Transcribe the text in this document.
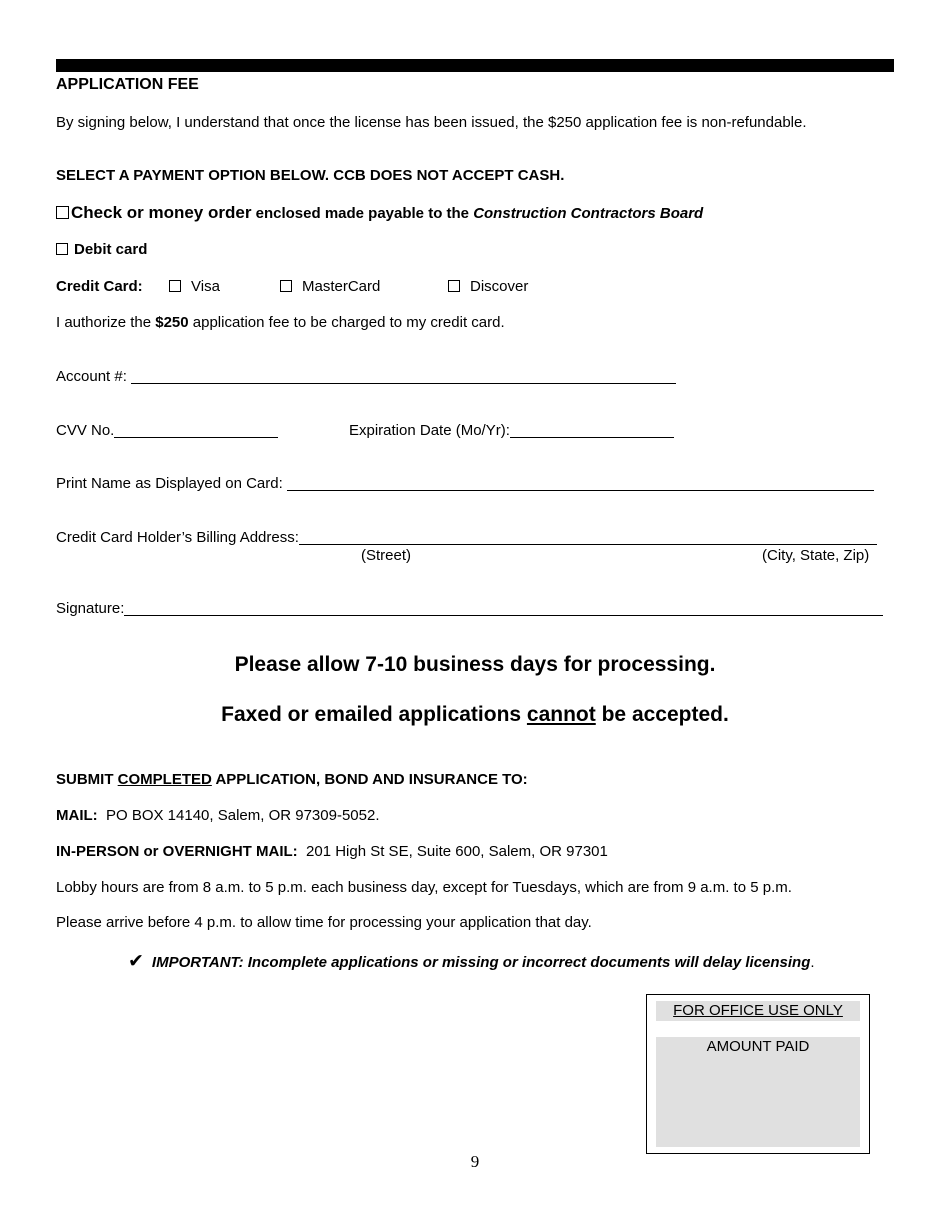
APPLICATION FEE
By signing below, I understand that once the license has been issued, the $250 application fee is non-refundable.
SELECT A PAYMENT OPTION BELOW. CCB DOES NOT ACCEPT CASH.
Check or money order enclosed made payable to the Construction Contractors Board
Debit card
Credit Card:	Visa	MasterCard	Discover
I authorize the $250 application fee to be charged to my credit card.
Account #:
CVV No.	Expiration Date (Mo/Yr):
Print Name as Displayed on Card:
Credit Card Holder’s Billing Address:
(Street)	(City, State, Zip)
Signature:
Please allow 7-10 business days for processing.
Faxed or emailed applications cannot be accepted.
SUBMIT COMPLETED APPLICATION, BOND AND INSURANCE TO:
MAIL:  PO BOX 14140, Salem, OR 97309-5052.
IN-PERSON or OVERNIGHT MAIL:  201 High St SE, Suite 600, Salem, OR 97301
Lobby hours are from 8 a.m. to 5 p.m. each business day, except for Tuesdays, which are from 9 a.m. to 5 p.m.
Please arrive before 4 p.m. to allow time for processing your application that day.
✔ IMPORTANT: Incomplete applications or missing or incorrect documents will delay licensing.
FOR OFFICE USE ONLY
AMOUNT PAID
9
